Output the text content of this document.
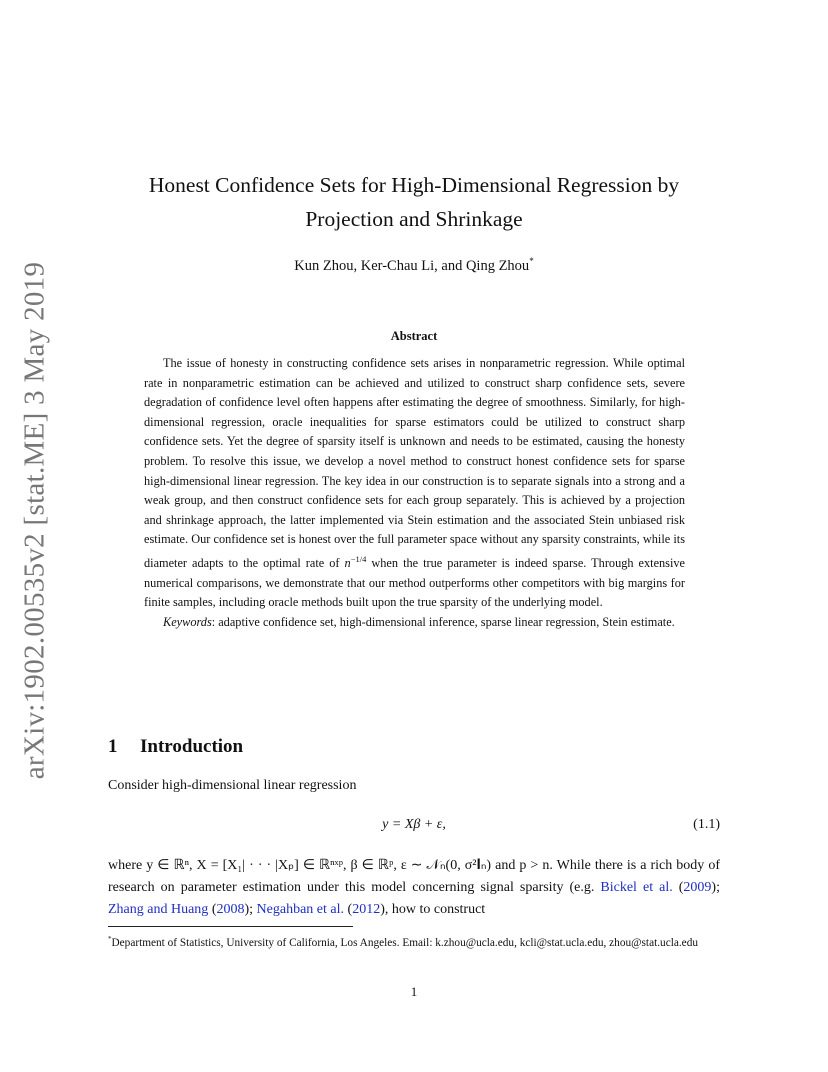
arXiv:1902.00535v2 [stat.ME] 3 May 2019
Honest Confidence Sets for High-Dimensional Regression by
Projection and Shrinkage
Kun Zhou, Ker-Chau Li, and Qing Zhou*
Abstract

The issue of honesty in constructing confidence sets arises in nonparametric regression. While optimal rate in nonparametric estimation can be achieved and utilized to construct sharp confidence sets, severe degradation of confidence level often happens after estimating the degree of smoothness. Similarly, for high-dimensional regression, oracle inequalities for sparse estimators could be utilized to construct sharp confidence sets. Yet the degree of sparsity itself is unknown and needs to be estimated, causing the honesty problem. To resolve this issue, we develop a novel method to construct honest confidence sets for sparse high-dimensional linear regression. The key idea in our construction is to separate signals into a strong and a weak group, and then construct confidence sets for each group separately. This is achieved by a projection and shrinkage approach, the latter implemented via Stein estimation and the associated Stein unbiased risk estimate. Our confidence set is honest over the full parameter space without any sparsity constraints, while its diameter adapts to the optimal rate of $n^{-1/4}$ when the true parameter is indeed sparse. Through extensive numerical comparisons, we demonstrate that our method outperforms other competitors with big margins for finite samples, including oracle methods built upon the true sparsity of the underlying model.

Keywords: adaptive confidence set, high-dimensional inference, sparse linear regression, Stein estimate.

1 Introduction
Consider high-dimensional linear regression
y = Xβ + ε,	(1.1)
where y ∈ ℝⁿ, X = [X₁| · · · |Xₚ] ∈ ℝⁿˣᵖ, β ∈ ℝᵖ, ε ∼ 𝒩ₙ(0, σ²𝐈ₙ) and p > n. While there is a rich body of research on parameter estimation under this model concerning signal sparsity (e.g. Bickel et al. (2009); Zhang and Huang (2008); Negahban et al. (2012), how to construct
*Department of Statistics, University of California, Los Angeles. Email: k.zhou@ucla.edu, kcli@stat.ucla.edu, zhou@stat.ucla.edu
1
